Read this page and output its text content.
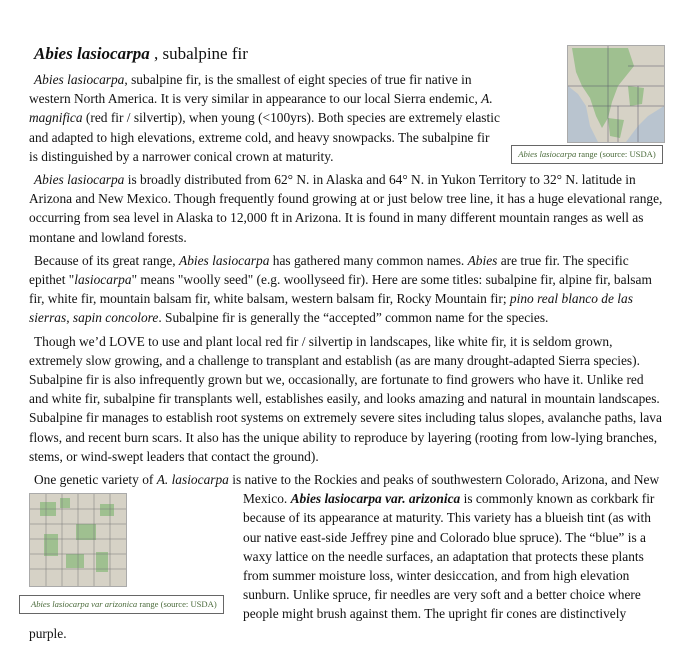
Abies lasiocarpa , subalpine fir
Abies lasiocarpa range (source: USDA)

Abies lasiocarpa, subalpine fir, is the smallest of eight species of true fir native in western North America. It is very similar in appearance to our local Sierra endemic, A. magnifica (red fir / silvertip), when young (<100yrs). Both species are extremely elastic and adapted to high elevations, extreme cold, and heavy snowpacks. The subalpine fir is distinguished by a narrower conical crown at maturity.

Abies lasiocarpa is broadly distributed from 62° N. in Alaska and 64° N. in Yukon Territory to 32° N. latitude in Arizona and New Mexico. Though frequently found growing at or just below tree line, it has a huge elevational range, occurring from sea level in Alaska to 12,000 ft in Arizona. It is found in many different mountain ranges as well as montane and lowland forests.

Because of its great range, Abies lasiocarpa has gathered many common names. Abies are true fir. The specific epithet "lasiocarpa" means "woolly seed" (e.g. woollyseed fir). Here are some titles: subalpine fir, alpine fir, balsam fir, white fir, mountain balsam fir, white balsam, western balsam fir, Rocky Mountain fir; pino real blanco de las sierras, sapin concolore. Subalpine fir is generally the “accepted” common name for the species.

Though we’d LOVE to use and plant local red fir / silvertip in landscapes, like white fir, it is seldom grown, extremely slow growing, and a challenge to transplant and establish (as are many drought-adapted Sierra species). Subalpine fir is also infrequently grown but we, occasionally, are fortunate to find growers who have it. Unlike red and white fir, subalpine fir transplants well, establishes easily, and looks amazing and natural in mountain landscapes. Subalpine fir manages to establish root systems on extremely severe sites including talus slopes, avalanche paths, lava flows, and recent burn scars. It also has the unique ability to reproduce by layering (rooting from low-lying branches, stems, or wind-swept leaders that contact the ground).

One genetic variety of A. lasiocarpa is native to the Rockies and peaks of southwestern Colorado, Arizona, and New Mexico.
Abies lasiocarpa var arizonica range (source: USDA)
Abies lasiocarpa var. arizonica is commonly known as corkbark fir because of its appearance at maturity. This variety has a blueish tint (as with our native east-side Jeffrey pine and Colorado blue spruce). The “blue” is a waxy lattice on the needle surfaces, an adaptation that protects these plants from summer moisture loss, winter desiccation, and from high elevation sunburn. Unlike spruce, fir needles are very soft and a better choice where people might brush against them. The upright fir cones are distinctively purple.
